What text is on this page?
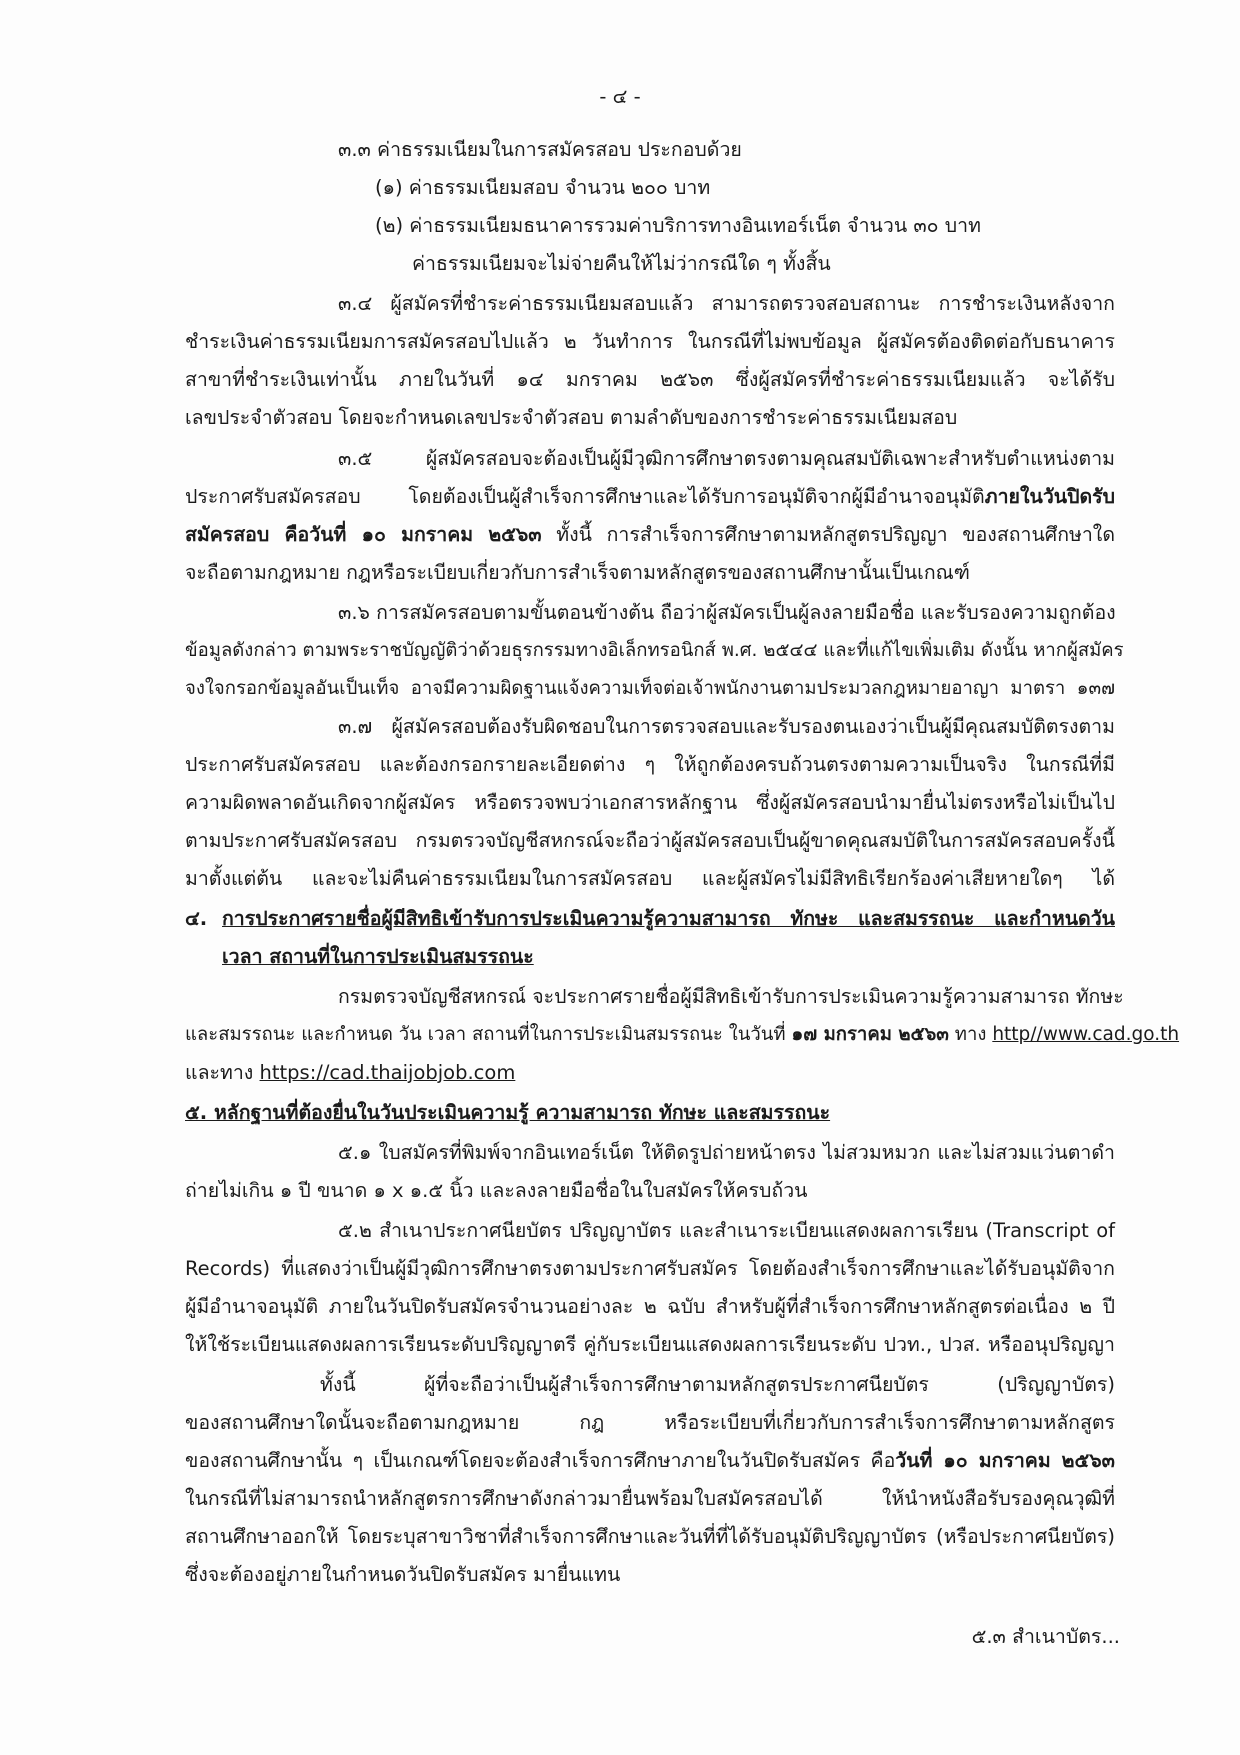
- ๔ -
๓.๓ ค่าธรรมเนียมในการสมัครสอบ ประกอบด้วย
(๑) ค่าธรรมเนียมสอบ จำนวน ๒๐๐ บาท
(๒) ค่าธรรมเนียมธนาคารรวมค่าบริการทางอินเทอร์เน็ต จำนวน ๓๐ บาท
ค่าธรรมเนียมจะไม่จ่ายคืนให้ไม่ว่ากรณีใด ๆ ทั้งสิ้น
๓.๔ ผู้สมัครที่ชำระค่าธรรมเนียมสอบแล้ว สามารถตรวจสอบสถานะ การชำระเงินหลังจาก
ชำระเงินค่าธรรมเนียมการสมัครสอบไปแล้ว ๒ วันทำการ ในกรณีที่ไม่พบข้อมูล ผู้สมัครต้องติดต่อกับธนาคาร
สาขาที่ชำระเงินเท่านั้น ภายในวันที่ ๑๔ มกราคม ๒๕๖๓ ซึ่งผู้สมัครที่ชำระค่าธรรมเนียมแล้ว จะได้รับ
เลขประจำตัวสอบ โดยจะกำหนดเลขประจำตัวสอบ ตามลำดับของการชำระค่าธรรมเนียมสอบ
๓.๕ ผู้สมัครสอบจะต้องเป็นผู้มีวุฒิการศึกษาตรงตามคุณสมบัติเฉพาะสำหรับตำแหน่งตาม
ประกาศรับสมัครสอบ โดยต้องเป็นผู้สำเร็จการศึกษาและได้รับการอนุมัติจากผู้มีอำนาจอนุมัติภายในวันปิดรับ
สมัครสอบ คือวันที่ ๑๐ มกราคม ๒๕๖๓ ทั้งนี้ การสำเร็จการศึกษาตามหลักสูตรปริญญา ของสถานศึกษาใด
จะถือตามกฎหมาย กฎหรือระเบียบเกี่ยวกับการสำเร็จตามหลักสูตรของสถานศึกษานั้นเป็นเกณฑ์
๓.๖ การสมัครสอบตามขั้นตอนข้างต้น ถือว่าผู้สมัครเป็นผู้ลงลายมือชื่อ และรับรองความถูกต้อง
ข้อมูลดังกล่าว ตามพระราชบัญญัติว่าด้วยธุรกรรมทางอิเล็กทรอนิกส์ พ.ศ. ๒๕๔๔ และที่แก้ไขเพิ่มเติม ดังนั้น หากผู้สมัคร
จงใจกรอกข้อมูลอันเป็นเท็จ อาจมีความผิดฐานแจ้งความเท็จต่อเจ้าพนักงานตามประมวลกฎหมายอาญา มาตรา ๑๓๗
๓.๗ ผู้สมัครสอบต้องรับผิดชอบในการตรวจสอบและรับรองตนเองว่าเป็นผู้มีคุณสมบัติตรงตาม
ประกาศรับสมัครสอบ และต้องกรอกรายละเอียดต่าง ๆ ให้ถูกต้องครบถ้วนตรงตามความเป็นจริง ในกรณีที่มี
ความผิดพลาดอันเกิดจากผู้สมัคร หรือตรวจพบว่าเอกสารหลักฐาน ซึ่งผู้สมัครสอบนำมายื่นไม่ตรงหรือไม่เป็นไป
ตามประกาศรับสมัครสอบ กรมตรวจบัญชีสหกรณ์จะถือว่าผู้สมัครสอบเป็นผู้ขาดคุณสมบัติในการสมัครสอบครั้งนี้
มาตั้งแต่ต้น และจะไม่คืนค่าธรรมเนียมในการสมัครสอบ และผู้สมัครไม่มีสิทธิเรียกร้องค่าเสียหายใดๆ ได้
๔. การประกาศรายชื่อผู้มีสิทธิเข้ารับการประเมินความรู้ความสามารถ ทักษะ และสมรรถนะ และกำหนดวัน
เวลา สถานที่ในการประเมินสมรรถนะ
กรมตรวจบัญชีสหกรณ์ จะประกาศรายชื่อผู้มีสิทธิเข้ารับการประเมินความรู้ความสามารถ ทักษะ
และสมรรถนะ และกำหนด วัน เวลา สถานที่ในการประเมินสมรรถนะ ในวันที่ ๑๗ มกราคม ๒๕๖๓ ทาง http//www.cad.go.th
และทาง https://cad.thaijobjob.com
๕. หลักฐานที่ต้องยื่นในวันประเมินความรู้ ความสามารถ ทักษะ และสมรรถนะ
๕.๑ ใบสมัครที่พิมพ์จากอินเทอร์เน็ต ให้ติดรูปถ่ายหน้าตรง ไม่สวมหมวก และไม่สวมแว่นตาดำ
ถ่ายไม่เกิน ๑ ปี ขนาด ๑ x ๑.๕ นิ้ว และลงลายมือชื่อในใบสมัครให้ครบถ้วน
๕.๒ สำเนาประกาศนียบัตร ปริญญาบัตร และสำเนาระเบียนแสดงผลการเรียน (Transcript of
Records) ที่แสดงว่าเป็นผู้มีวุฒิการศึกษาตรงตามประกาศรับสมัคร โดยต้องสำเร็จการศึกษาและได้รับอนุมัติจาก
ผู้มีอำนาจอนุมัติ ภายในวันปิดรับสมัครจำนวนอย่างละ ๒ ฉบับ สำหรับผู้ที่สำเร็จการศึกษาหลักสูตรต่อเนื่อง ๒ ปี
ให้ใช้ระเบียนแสดงผลการเรียนระดับปริญญาตรี คู่กับระเบียนแสดงผลการเรียนระดับ ปวท., ปวส. หรืออนุปริญญา
ทั้งนี้ ผู้ที่จะถือว่าเป็นผู้สำเร็จการศึกษาตามหลักสูตรประกาศนียบัตร (ปริญญาบัตร)
ของสถานศึกษาใดนั้นจะถือตามกฎหมาย กฎ หรือระเบียบที่เกี่ยวกับการสำเร็จการศึกษาตามหลักสูตร
ของสถานศึกษานั้น ๆ เป็นเกณฑ์โดยจะต้องสำเร็จการศึกษาภายในวันปิดรับสมัคร คือวันที่ ๑๐ มกราคม ๒๕๖๓
ในกรณีที่ไม่สามารถนำหลักสูตรการศึกษาดังกล่าวมายื่นพร้อมใบสมัครสอบได้ ให้นำหนังสือรับรองคุณวุฒิที่
สถานศึกษาออกให้ โดยระบุสาขาวิชาที่สำเร็จการศึกษาและวันที่ที่ได้รับอนุมัติปริญญาบัตร (หรือประกาศนียบัตร)
ซึ่งจะต้องอยู่ภายในกำหนดวันปิดรับสมัคร มายื่นแทน
๕.๓ สำเนาบัตร...
